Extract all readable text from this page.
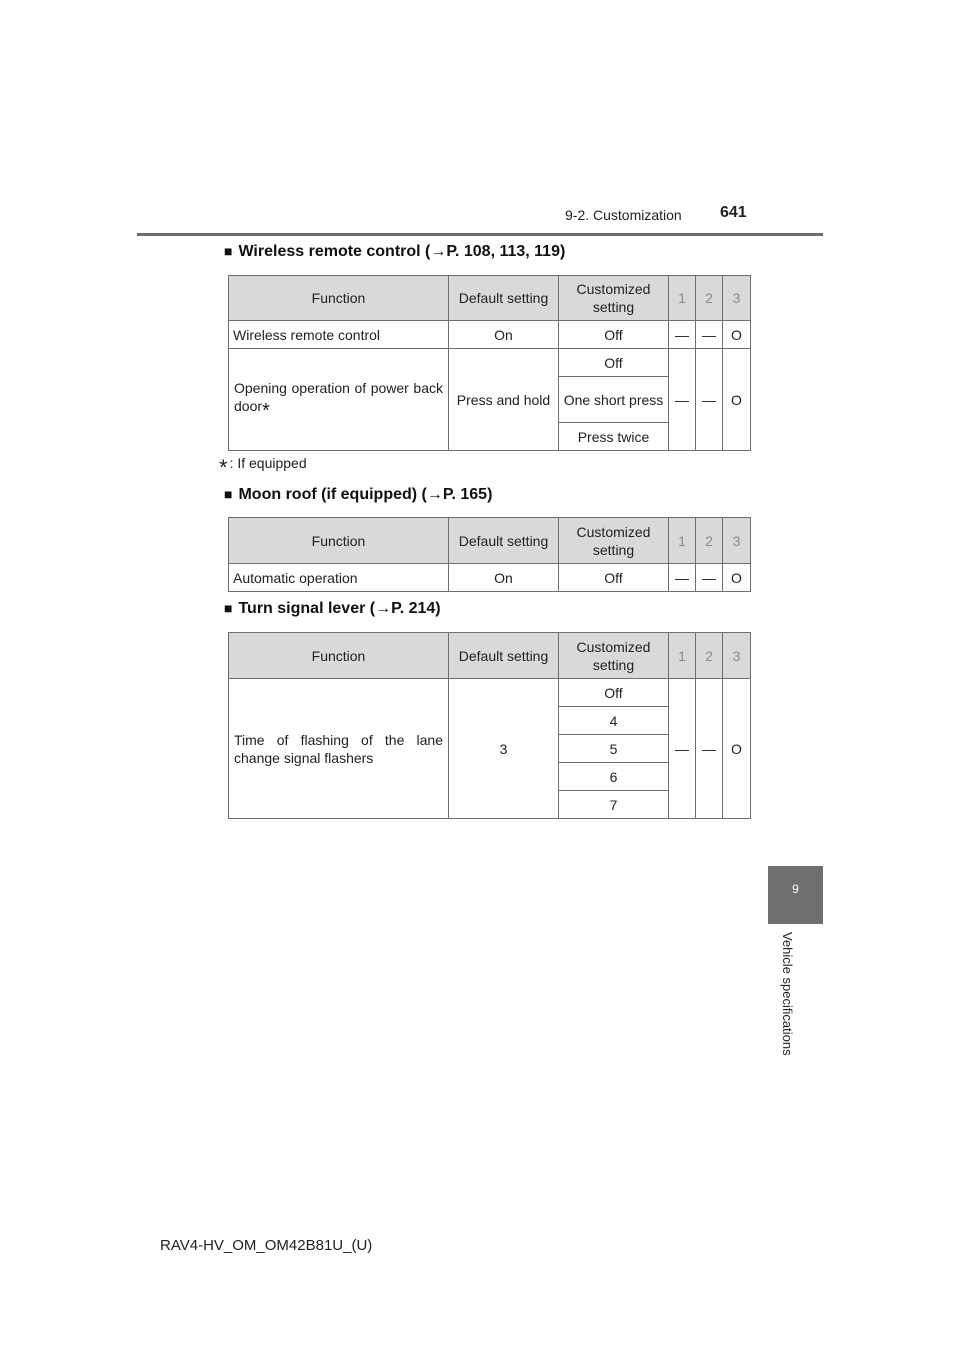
9-2. Customization 641
9
Vehicle specifications
■ Wireless remote control (→P. 108, 113, 119)
Function	Default setting	Customized setting	1	2	3
Wireless remote control	On	Off	—	—	O
Opening operation of power back door*	Press and hold	Off	—	—	O
		One short press			
		Press twice			
* : If equipped
■ Moon roof (if equipped) (→P. 165)
Function	Default setting	Customized setting	1	2	3
Automatic operation	On	Off	—	—	O
■ Turn signal lever (→P. 214)
Function	Default setting	Customized setting	1	2	3
Time of flashing of the lane change signal flashers	3	Off	—	—	O
		4			
		5			
		6			
		7			
RAV4-HV_OM_OM42B81U_(U)
